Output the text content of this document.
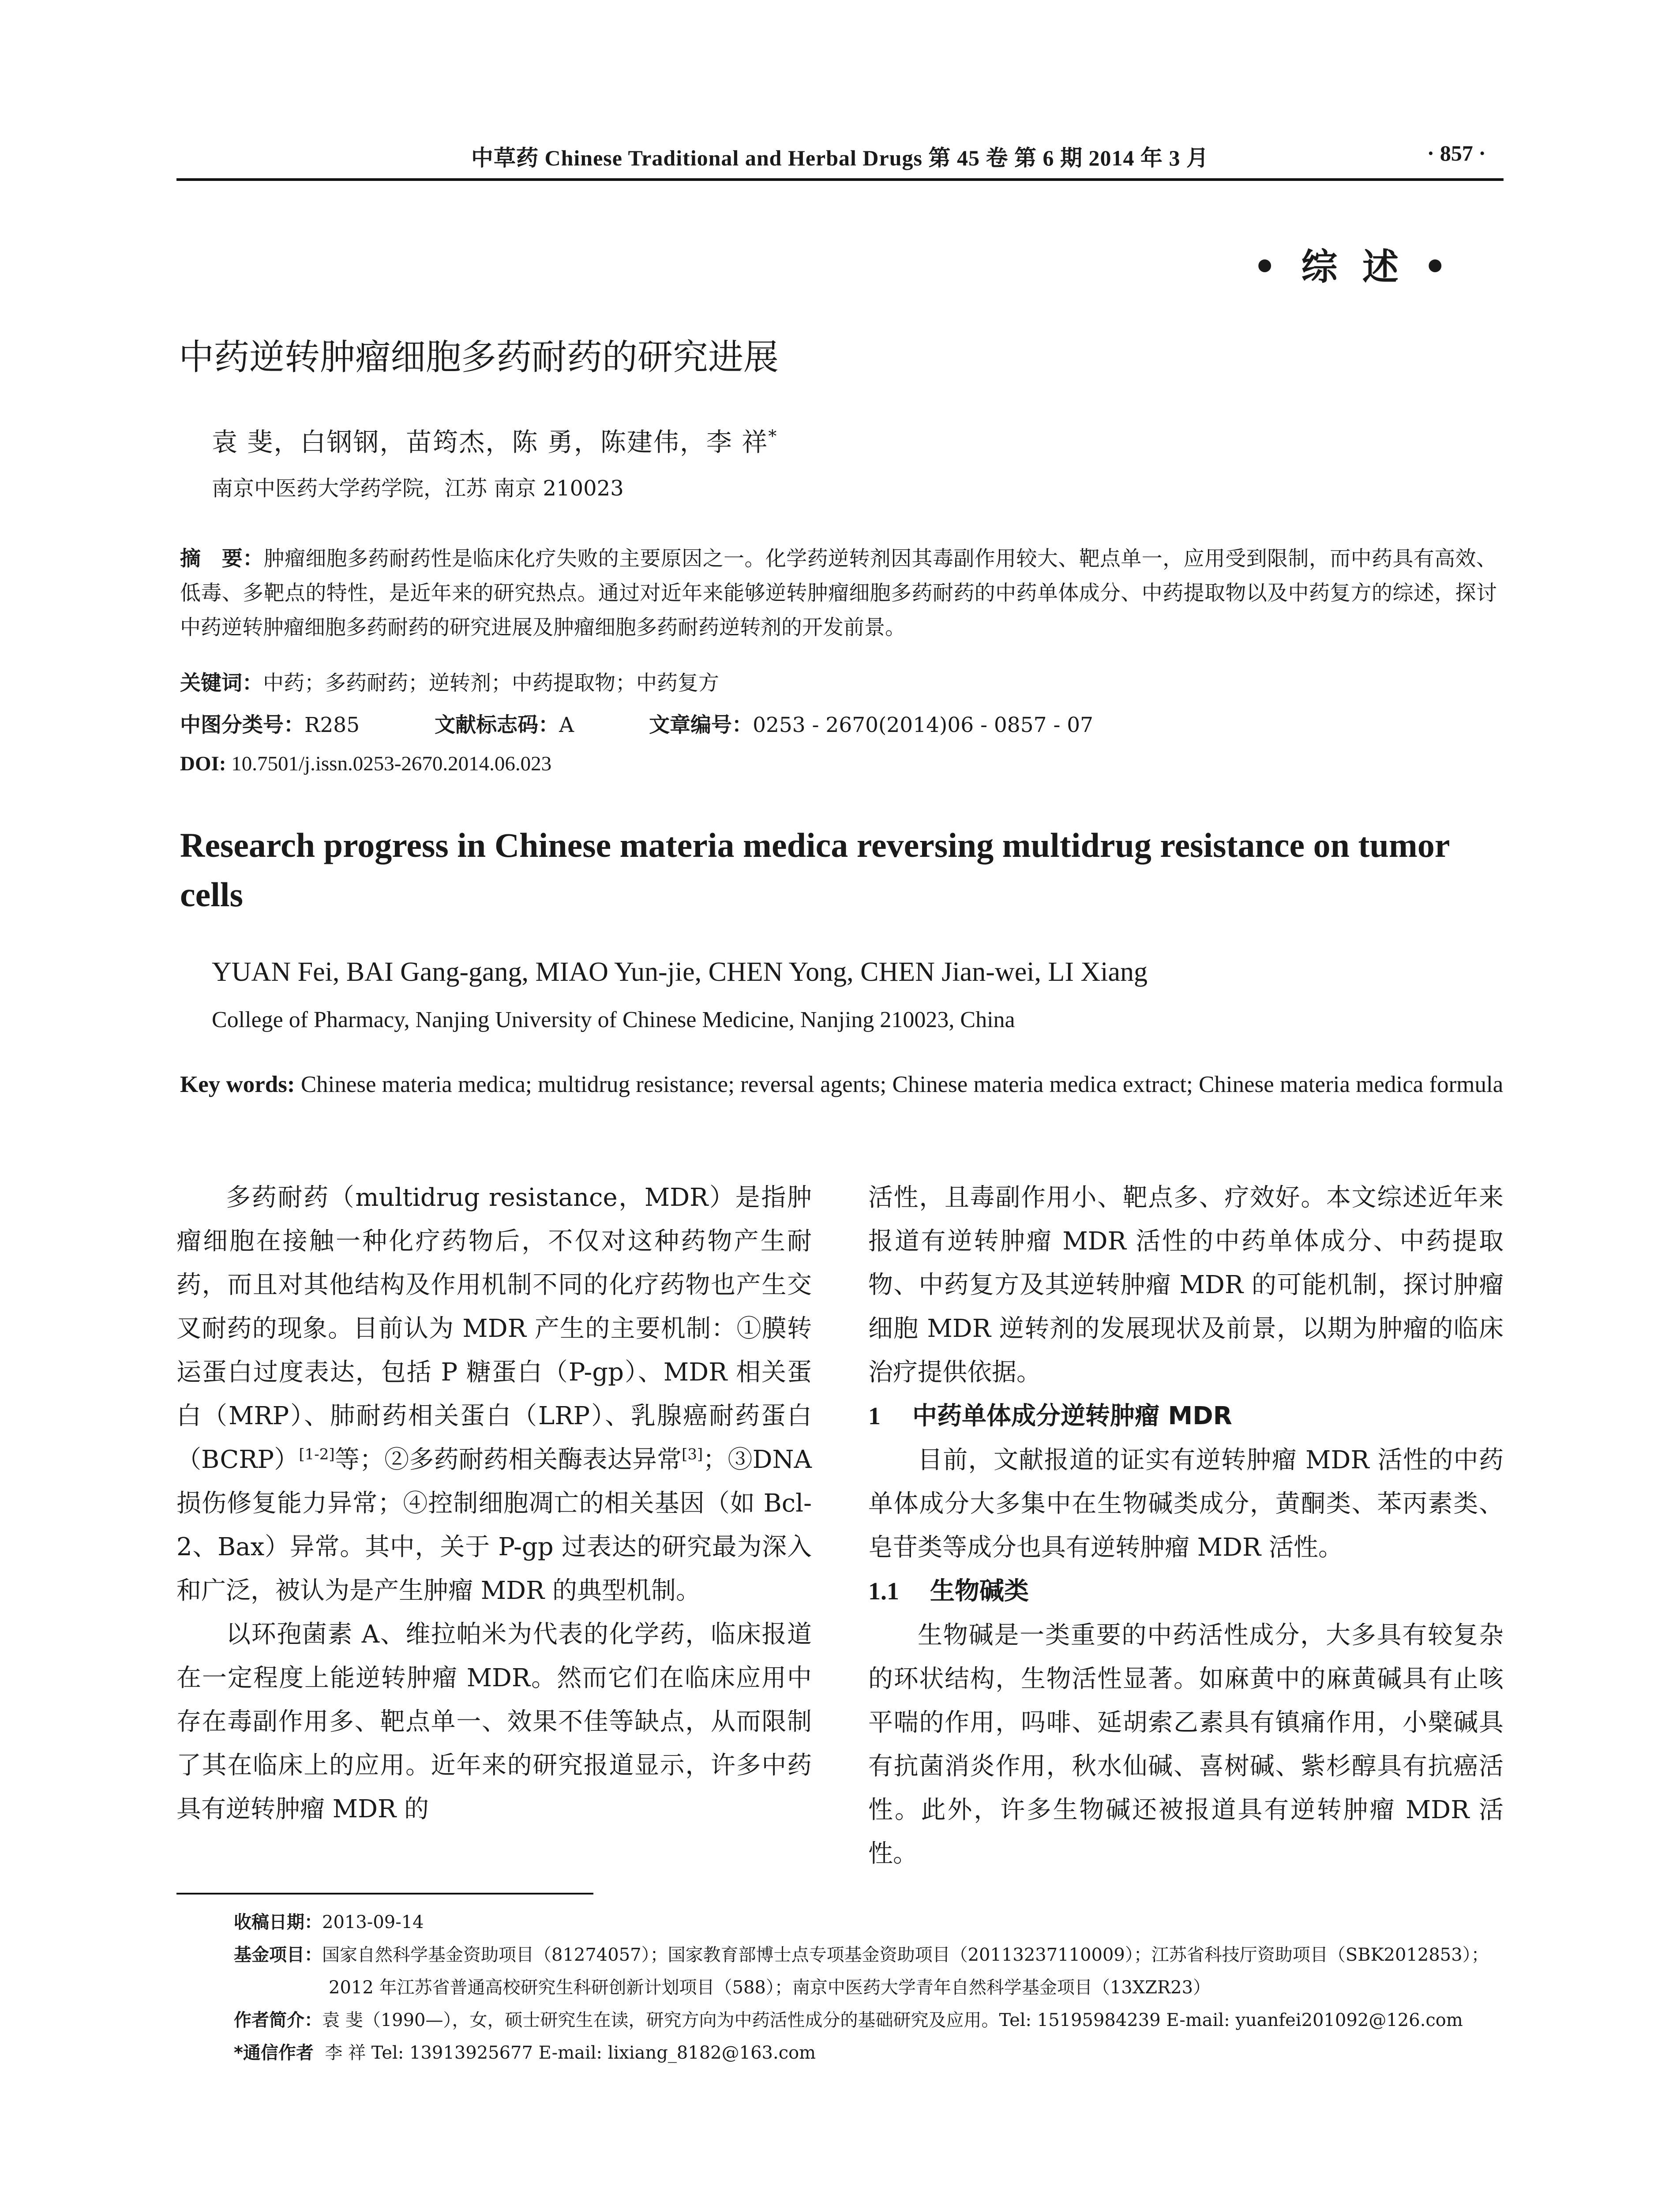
中草药 Chinese Traditional and Herbal Drugs 第 45 卷 第 6 期 2014 年 3 月	· 857 ·
• 综 述 •
中药逆转肿瘤细胞多药耐药的研究进展
袁 斐，白钢钢，苗筠杰，陈 勇，陈建伟，李 祥*
南京中医药大学药学院，江苏 南京 210023
摘　要：肿瘤细胞多药耐药性是临床化疗失败的主要原因之一。化学药逆转剂因其毒副作用较大、靶点单一，应用受到限制，而中药具有高效、低毒、多靶点的特性，是近年来的研究热点。通过对近年来能够逆转肿瘤细胞多药耐药的中药单体成分、中药提取物以及中药复方的综述，探讨中药逆转肿瘤细胞多药耐药的研究进展及肿瘤细胞多药耐药逆转剂的开发前景。
关键词：中药；多药耐药；逆转剂；中药提取物；中药复方
中图分类号：R285	文献标志码：A	文章编号：0253 - 2670(2014)06 - 0857 - 07
DOI: 10.7501/j.issn.0253-2670.2014.06.023
Research progress in Chinese materia medica reversing multidrug resistance on tumor cells
YUAN Fei, BAI Gang-gang, MIAO Yun-jie, CHEN Yong, CHEN Jian-wei, LI Xiang
College of Pharmacy, Nanjing University of Chinese Medicine, Nanjing 210023, China
Key words: Chinese materia medica; multidrug resistance; reversal agents; Chinese materia medica extract; Chinese materia medica formula

多药耐药（multidrug resistance，MDR）是指肿瘤细胞在接触一种化疗药物后，不仅对这种药物产生耐药，而且对其他结构及作用机制不同的化疗药物也产生交叉耐药的现象。目前认为 MDR 产生的主要机制：①膜转运蛋白过度表达，包括 P 糖蛋白（P-gp）、MDR 相关蛋白（MRP）、肺耐药相关蛋白（LRP）、乳腺癌耐药蛋白（BCRP）[1-2]等；②多药耐药相关酶表达异常[3]；③DNA 损伤修复能力异常；④控制细胞凋亡的相关基因（如 Bcl-2、Bax）异常。其中，关于 P-gp 过表达的研究最为深入和广泛，被认为是产生肿瘤 MDR 的典型机制。

以环孢菌素 A、维拉帕米为代表的化学药，临床报道在一定程度上能逆转肿瘤 MDR。然而它们在临床应用中存在毒副作用多、靶点单一、效果不佳等缺点，从而限制了其在临床上的应用。近年来的研究报道显示，许多中药具有逆转肿瘤 MDR 的

活性，且毒副作用小、靶点多、疗效好。本文综述近年来报道有逆转肿瘤 MDR 活性的中药单体成分、中药提取物、中药复方及其逆转肿瘤 MDR 的可能机制，探讨肿瘤细胞 MDR 逆转剂的发展现状及前景，以期为肿瘤的临床治疗提供依据。

1 中药单体成分逆转肿瘤 MDR

目前，文献报道的证实有逆转肿瘤 MDR 活性的中药单体成分大多集中在生物碱类成分，黄酮类、苯丙素类、皂苷类等成分也具有逆转肿瘤 MDR 活性。

1.1 生物碱类

生物碱是一类重要的中药活性成分，大多具有较复杂的环状结构，生物活性显著。如麻黄中的麻黄碱具有止咳平喘的作用，吗啡、延胡索乙素具有镇痛作用，小檗碱具有抗菌消炎作用，秋水仙碱、喜树碱、紫杉醇具有抗癌活性。此外，许多生物碱还被报道具有逆转肿瘤 MDR 活性。

收稿日期：2013-09-14
基金项目：国家自然科学基金资助项目（81274057）；国家教育部博士点专项基金资助项目（20113237110009）；江苏省科技厅资助项目（SBK2012853）；
2012 年江苏省普通高校研究生科研创新计划项目（588）；南京中医药大学青年自然科学基金项目（13XZR23）
作者简介：袁 斐（1990—），女，硕士研究生在读，研究方向为中药活性成分的基础研究及应用。Tel: 15195984239 E-mail: yuanfei201092@126.com
*通信作者 李 祥 Tel: 13913925677 E-mail: lixiang_8182@163.com
